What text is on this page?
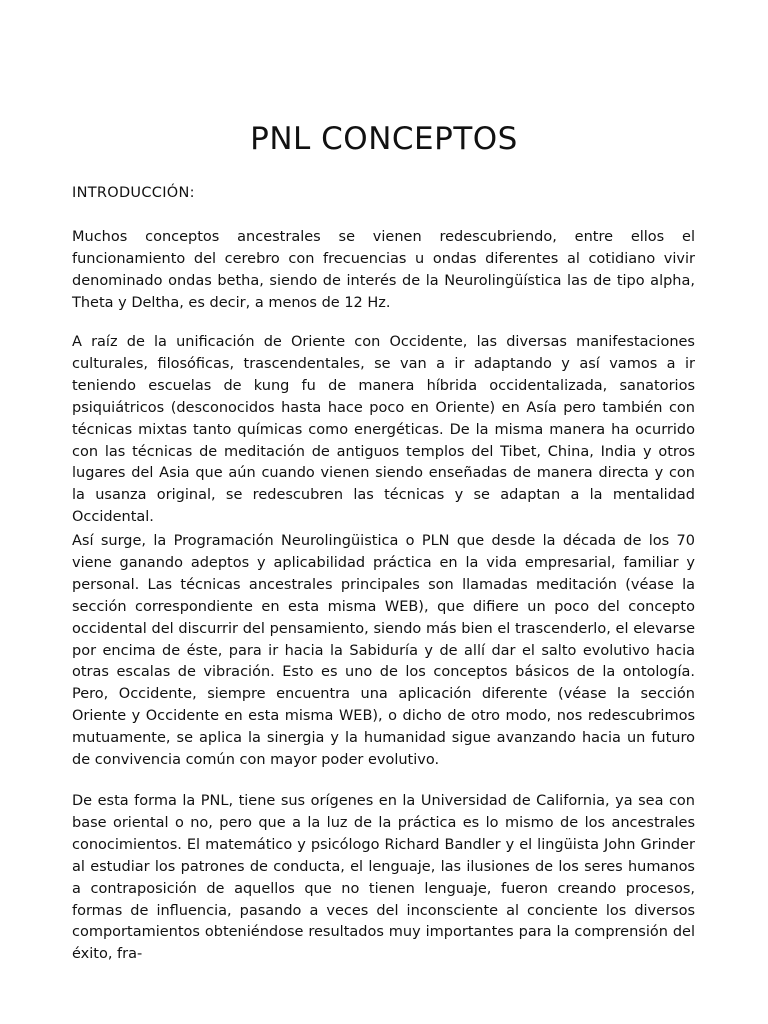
PNL CONCEPTOS

INTRODUCCIÓN:

Muchos conceptos ancestrales se vienen redescubriendo, entre ellos el funcionamiento del cerebro con frecuencias u ondas diferentes al cotidiano vivir denominado ondas betha, siendo de interés de la Neurolingüística las de tipo alpha, Theta y Deltha, es decir, a menos de 12 Hz.

A raíz de la unificación de Oriente con Occidente, las diversas manifestaciones culturales, filosóficas, trascendentales, se van a ir adaptando y así vamos a ir teniendo escuelas de kung fu de manera híbrida occidentalizada, sanatorios psiquiátricos (desconocidos hasta hace poco en Oriente) en Asía pero también con técnicas mixtas tanto químicas como energéticas. De la misma manera ha ocurrido con las técnicas de meditación de antiguos templos del Tibet, China, India y otros lugares del Asia que aún cuando vienen siendo enseñadas de manera directa y con la usanza original, se redescubren las técnicas y se adaptan a la mentalidad Occidental.

Así surge, la Programación Neurolingüistica o PLN que desde la década de los 70 viene ganando adeptos y aplicabilidad práctica en la vida empresarial, familiar y personal. Las técnicas ancestrales principales son llamadas meditación (véase la sección correspondiente en esta misma WEB), que difiere un poco del concepto occidental del discurrir del pensamiento, siendo más bien el trascenderlo, el elevarse por encima de éste, para ir hacia la Sabiduría y de allí dar el salto evolutivo hacia otras escalas de vibración. Esto es uno de los conceptos básicos de la ontología. Pero, Occidente, siempre encuentra una aplicación diferente (véase la sección Oriente y Occidente en esta misma WEB), o dicho de otro modo, nos redescubrimos mutuamente, se aplica la sinergia y la humanidad sigue avanzando hacia un futuro de convivencia común con mayor poder evolutivo.

De esta forma la PNL, tiene sus orígenes en la Universidad de California, ya sea con base oriental o no, pero que a la luz de la práctica es lo mismo de los ancestrales conocimientos. El matemático y psicólogo Richard Bandler y el lingüista John Grinder al estudiar los patrones de conducta, el lenguaje, las ilusiones de los seres humanos a contraposición de aquellos que no tienen lenguaje, fueron creando procesos, formas de influencia, pasando a veces del inconsciente al conciente los diversos comportamientos obteniéndose resultados muy importantes para la comprensión del éxito, fra-
